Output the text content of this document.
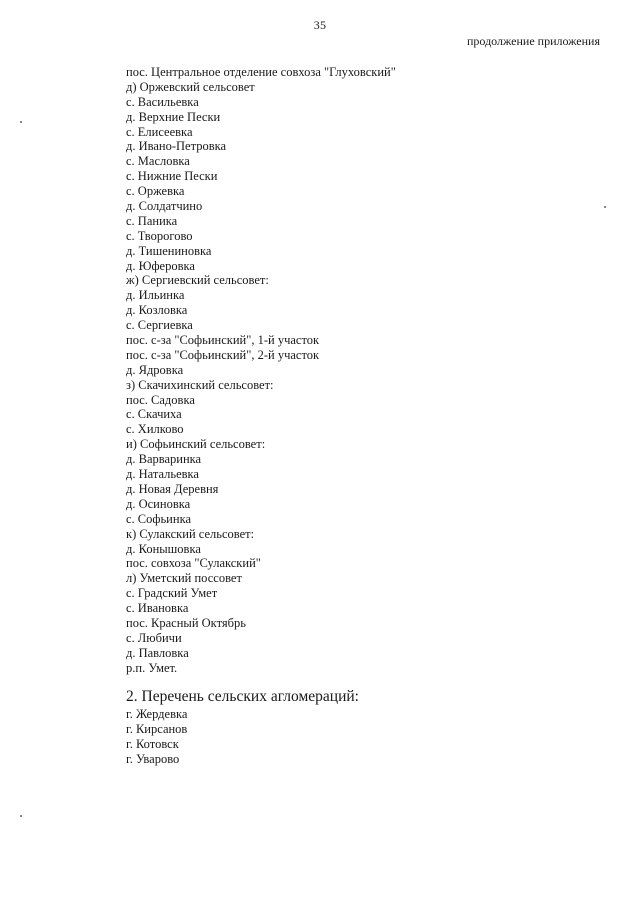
35
продолжение приложения
пос. Центральное отделение совхоза "Глуховский"
д) Оржевский сельсовет
с. Васильевка
д. Верхние Пески
с. Елисеевка
д. Ивано-Петровка
с. Масловка
с. Нижние Пески
с. Оржевка
д. Солдатчино
с. Паника
с. Творогово
д. Тишениновка
д. Юферовка
ж) Сергиевский сельсовет:
д. Ильинка
д. Козловка
с. Сергиевка
пос. с-за "Софьинский", 1-й участок
пос. с-за "Софьинский", 2-й участок
д. Ядровка
з) Скачихинский сельсовет:
пос. Садовка
с. Скачиха
с. Хилково
и) Софьинский сельсовет:
д. Варваринка
д. Натальевка
д. Новая Деревня
д. Осиновка
с. Софьинка
к) Сулакский сельсовет:
д. Конышовка
пос. совхоза "Сулакский"
л) Уметский поссовет
с. Градский Умет
с. Ивановка
пос. Красный Октябрь
с. Любичи
д. Павловка
р.п. Умет.
2. Перечень сельских агломераций:
г. Жердевка
г. Кирсанов
г. Котовск
г. Уварово
